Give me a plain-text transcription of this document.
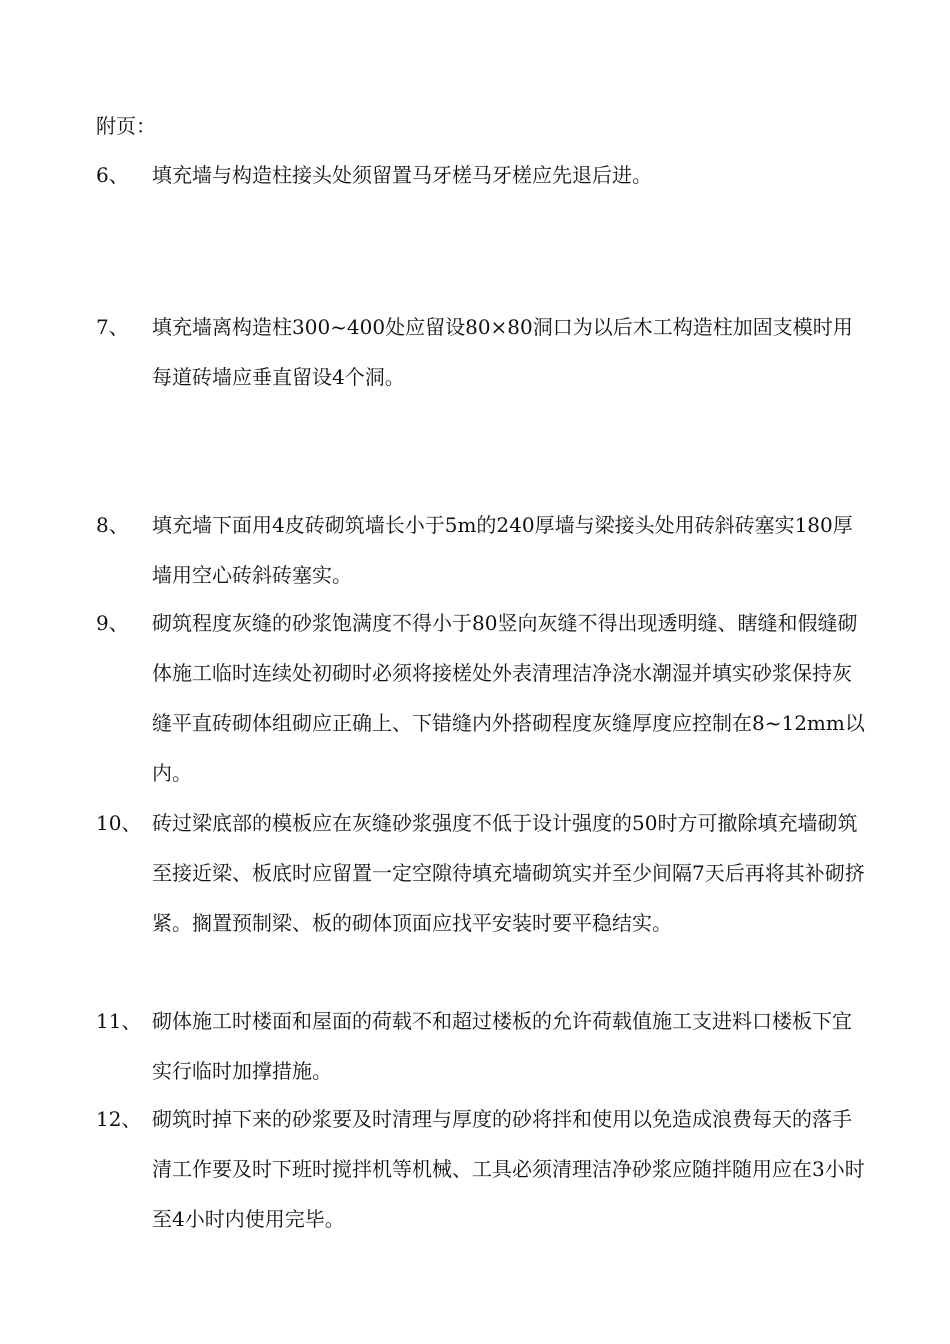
附页：
6、 填充墙与构造柱接头处须留置马牙槎马牙槎应先退后进。
7、 填充墙离构造柱300~400处应留设80×80洞口为以后木工构造柱加固支模时用每道砖墙应垂直留设4个洞。
8、 填充墙下面用4皮砖砌筑墙长小于5m的240厚墙与梁接头处用砖斜砖塞实180厚墙用空心砖斜砖塞实。
9、 砌筑程度灰缝的砂浆饱满度不得小于80竖向灰缝不得出现透明缝、瞎缝和假缝砌体施工临时连续处初砌时必须将接槎处外表清理洁净浇水潮湿并填实砂浆保持灰缝平直砖砌体组砌应正确上、下错缝内外搭砌程度灰缝厚度应控制在8~12mm以内。
10、 砖过梁底部的模板应在灰缝砂浆强度不低于设计强度的50时方可撤除填充墙砌筑至接近梁、板底时应留置一定空隙待填充墙砌筑实并至少间隔7天后再将其补砌挤紧。搁置预制梁、板的砌体顶面应找平安装时要平稳结实。
11、 砌体施工时楼面和屋面的荷载不和超过楼板的允许荷载值施工支进料口楼板下宜实行临时加撑措施。
12、 砌筑时掉下来的砂浆要及时清理与厚度的砂将拌和使用以免造成浪费每天的落手清工作要及时下班时搅拌机等机械、工具必须清理洁净砂浆应随拌随用应在3小时至4小时内使用完毕。
